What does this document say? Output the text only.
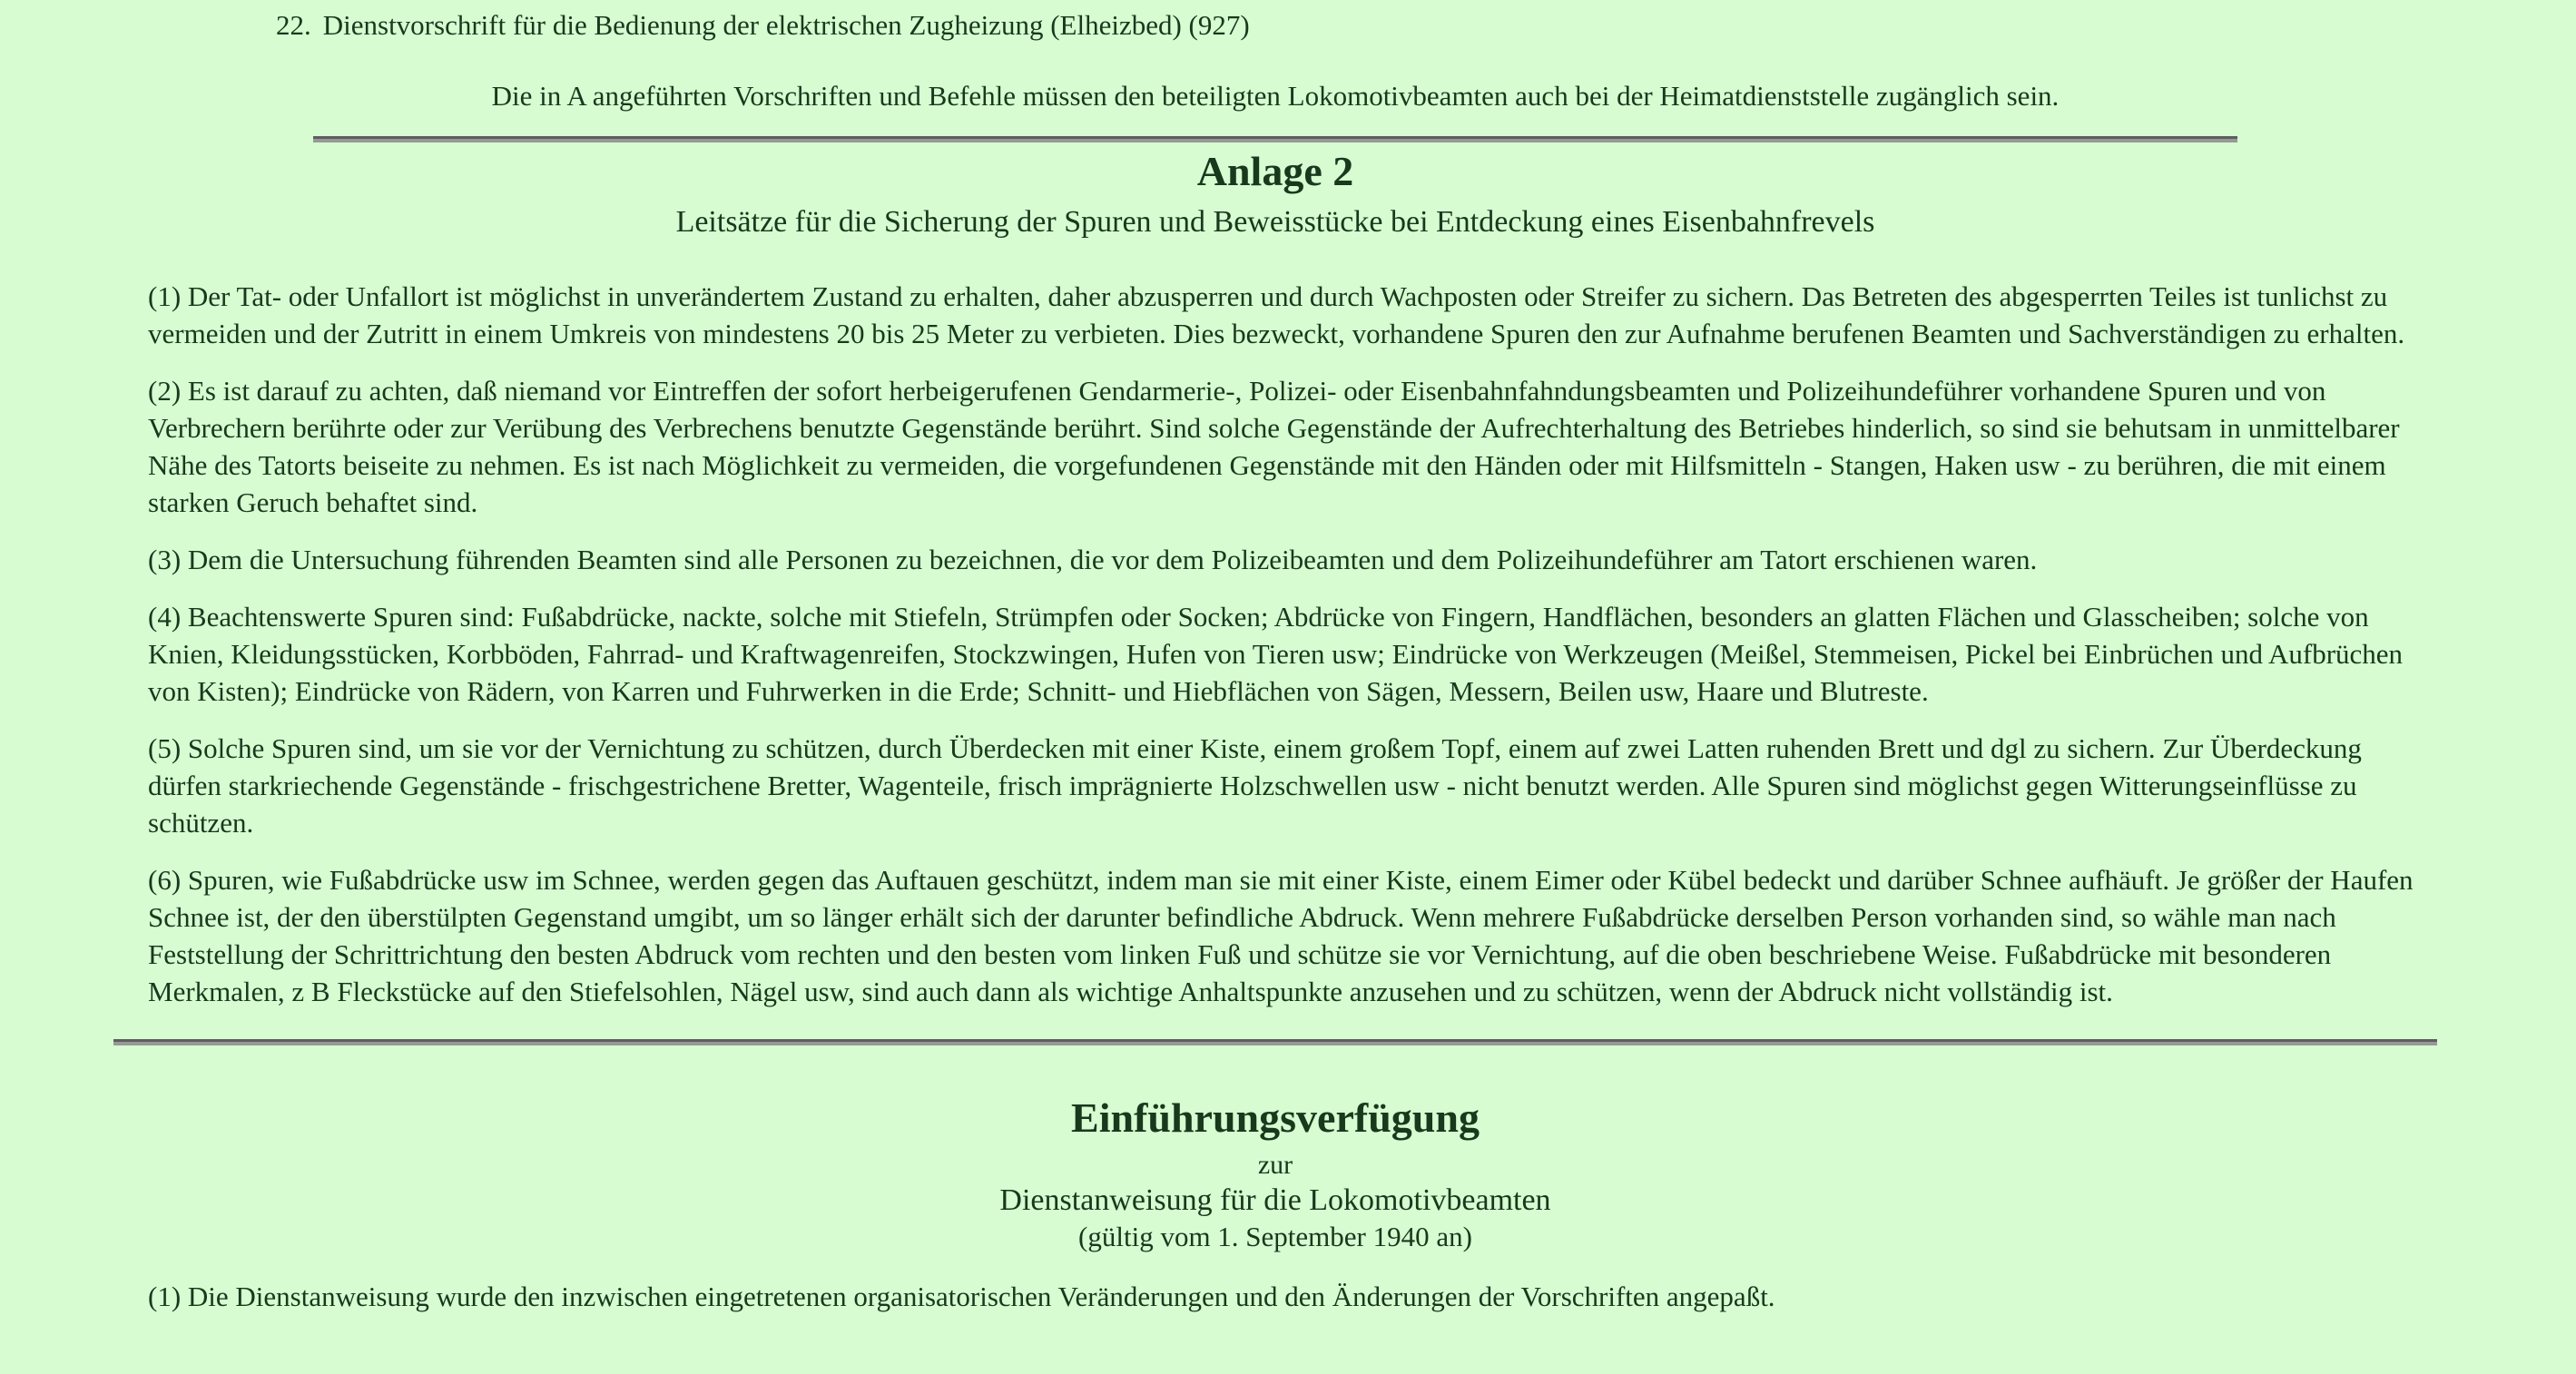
22. Dienstvorschrift für die Bedienung der elektrischen Zugheizung (Elheizbed) (927)
Die in A angeführten Vorschriften und Befehle müssen den beteiligten Lokomotivbeamten auch bei der Heimatdienststelle zugänglich sein.
Anlage 2
Leitsätze für die Sicherung der Spuren und Beweisstücke bei Entdeckung eines Eisenbahnfrevels

(1) Der Tat- oder Unfallort ist möglichst in unverändertem Zustand zu erhalten, daher abzusperren und durch Wachposten oder Streifer zu sichern. Das Betreten des abgesperrten Teiles ist tunlichst zu vermeiden und der Zutritt in einem Umkreis von mindestens 20 bis 25 Meter zu verbieten. Dies bezweckt, vorhandene Spuren den zur Aufnahme berufenen Beamten und Sachverständigen zu erhalten.

(2) Es ist darauf zu achten, daß niemand vor Eintreffen der sofort herbeigerufenen Gendarmerie-, Polizei- oder Eisenbahnfahndungsbeamten und Polizeihundeführer vorhandene Spuren und von Verbrechern berührte oder zur Verübung des Verbrechens benutzte Gegenstände berührt. Sind solche Gegenstände der Aufrechterhaltung des Betriebes hinderlich, so sind sie behutsam in unmittelbarer Nähe des Tatorts beiseite zu nehmen. Es ist nach Möglichkeit zu vermeiden, die vorgefundenen Gegenstände mit den Händen oder mit Hilfsmitteln - Stangen, Haken usw - zu berühren, die mit einem starken Geruch behaftet sind.

(3) Dem die Untersuchung führenden Beamten sind alle Personen zu bezeichnen, die vor dem Polizeibeamten und dem Polizeihundeführer am Tatort erschienen waren.

(4) Beachtenswerte Spuren sind: Fußabdrücke, nackte, solche mit Stiefeln, Strümpfen oder Socken; Abdrücke von Fingern, Handflächen, besonders an glatten Flächen und Glasscheiben; solche von Knien, Kleidungsstücken, Korbböden, Fahrrad- und Kraftwagenreifen, Stockzwingen, Hufen von Tieren usw; Eindrücke von Werkzeugen (Meißel, Stemmeisen, Pickel bei Einbrüchen und Aufbrüchen von Kisten); Eindrücke von Rädern, von Karren und Fuhrwerken in die Erde; Schnitt- und Hiebflächen von Sägen, Messern, Beilen usw, Haare und Blutreste.

(5) Solche Spuren sind, um sie vor der Vernichtung zu schützen, durch Überdecken mit einer Kiste, einem großem Topf, einem auf zwei Latten ruhenden Brett und dgl zu sichern. Zur Überdeckung dürfen starkriechende Gegenstände - frischgestrichene Bretter, Wagenteile, frisch imprägnierte Holzschwellen usw - nicht benutzt werden. Alle Spuren sind möglichst gegen Witterungseinflüsse zu schützen.

(6) Spuren, wie Fußabdrücke usw im Schnee, werden gegen das Auftauen geschützt, indem man sie mit einer Kiste, einem Eimer oder Kübel bedeckt und darüber Schnee aufhäuft. Je größer der Haufen Schnee ist, der den überstülpten Gegenstand umgibt, um so länger erhält sich der darunter befindliche Abdruck. Wenn mehrere Fußabdrücke derselben Person vorhanden sind, so wähle man nach Feststellung der Schrittrichtung den besten Abdruck vom rechten und den besten vom linken Fuß und schütze sie vor Vernichtung, auf die oben beschriebene Weise. Fußabdrücke mit besonderen Merkmalen, z B Fleckstücke auf den Stiefelsohlen, Nägel usw, sind auch dann als wichtige Anhaltspunkte anzusehen und zu schützen, wenn der Abdruck nicht vollständig ist.

Einführungsverfügung
zur
Dienstanweisung für die Lokomotivbeamten
(gültig vom 1. September 1940 an)

(1) Die Dienstanweisung wurde den inzwischen eingetretenen organisatorischen Veränderungen und den Änderungen der Vorschriften angepaßt.
